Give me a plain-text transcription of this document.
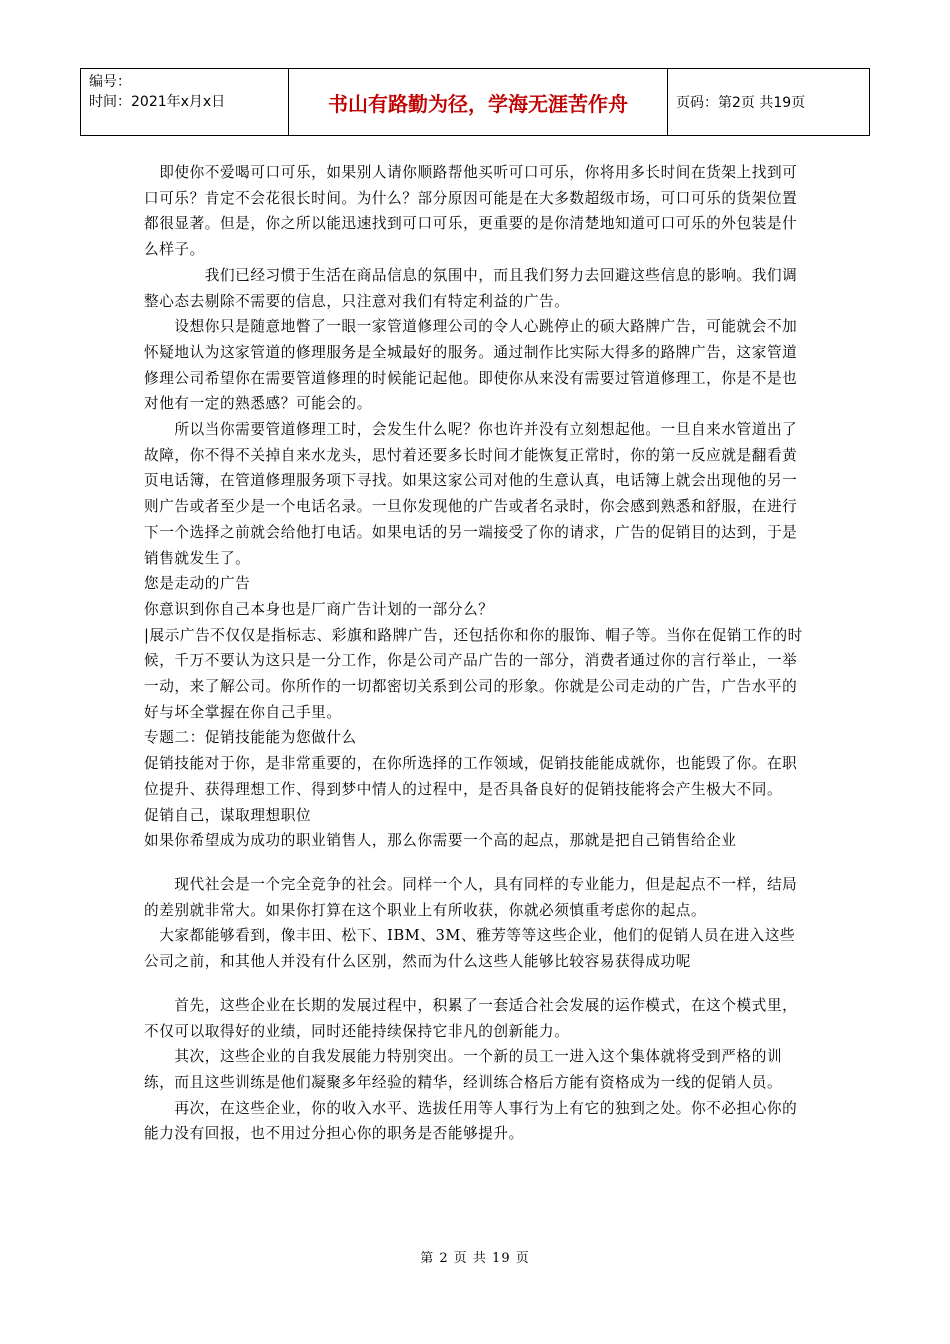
编号：
时间：2021年x月x日	书山有路勤为径，学海无涯苦作舟	页码：第2页 共19页

　即使你不爱喝可口可乐，如果别人请你顺路帮他买听可口可乐，你将用多长时间在货架上找到可口可乐？肯定不会花很长时间。为什么？部分原因可能是在大多数超级市场，可口可乐的货架位置都很显著。但是，你之所以能迅速找到可口可乐，更重要的是你清楚地知道可口可乐的外包装是什么样子。

　　　　我们已经习惯于生活在商品信息的氛围中，而且我们努力去回避这些信息的影响。我们调整心态去剔除不需要的信息，只注意对我们有特定利益的广告。

　　设想你只是随意地瞥了一眼一家管道修理公司的令人心跳停止的硕大路牌广告，可能就会不加怀疑地认为这家管道的修理服务是全城最好的服务。通过制作比实际大得多的路牌广告，这家管道修理公司希望你在需要管道修理的时候能记起他。即使你从来没有需要过管道修理工，你是不是也对他有一定的熟悉感？可能会的。

　　所以当你需要管道修理工时，会发生什么呢？你也许并没有立刻想起他。一旦自来水管道出了故障，你不得不关掉自来水龙头，思忖着还要多长时间才能恢复正常时，你的第一反应就是翻看黄页电话簿，在管道修理服务项下寻找。如果这家公司对他的生意认真，电话簿上就会出现他的另一则广告或者至少是一个电话名录。一旦你发现他的广告或者名录时，你会感到熟悉和舒服，在进行下一个选择之前就会给他打电话。如果电话的另一端接受了你的请求，广告的促销目的达到，于是销售就发生了。

您是走动的广告

你意识到你自己本身也是厂商广告计划的一部分么？

|展示广告不仅仅是指标志、彩旗和路牌广告，还包括你和你的服饰、帽子等。当你在促销工作的时候，千万不要认为这只是一分工作，你是公司产品广告的一部分，消费者通过你的言行举止，一举一动，来了解公司。你所作的一切都密切关系到公司的形象。你就是公司走动的广告，广告水平的好与坏全掌握在你自己手里。

专题二：促销技能能为您做什么

促销技能对于你，是非常重要的，在你所选择的工作领域，促销技能能成就你，也能毁了你。在职位提升、获得理想工作、得到梦中情人的过程中，是否具备良好的促销技能将会产生极大不同。

促销自己，谋取理想职位

如果你希望成为成功的职业销售人，那么你需要一个高的起点，那就是把自己销售给企业

　　现代社会是一个完全竞争的社会。同样一个人，具有同样的专业能力，但是起点不一样，结局的差别就非常大。如果你打算在这个职业上有所收获，你就必须慎重考虑你的起点。

　大家都能够看到，像丰田、松下、IBM、3M、雅芳等等这些企业，他们的促销人员在进入这些公司之前，和其他人并没有什么区别，然而为什么这些人能够比较容易获得成功呢

　　首先，这些企业在长期的发展过程中，积累了一套适合社会发展的运作模式，在这个模式里，不仅可以取得好的业绩，同时还能持续保持它非凡的创新能力。

　　其次，这些企业的自我发展能力特别突出。一个新的员工一进入这个集体就将受到严格的训练，而且这些训练是他们凝聚多年经验的精华，经训练合格后方能有资格成为一线的促销人员。

　　再次，在这些企业，你的收入水平、选拔任用等人事行为上有它的独到之处。你不必担心你的能力没有回报，也不用过分担心你的职务是否能够提升。

第 2 页 共 19 页
